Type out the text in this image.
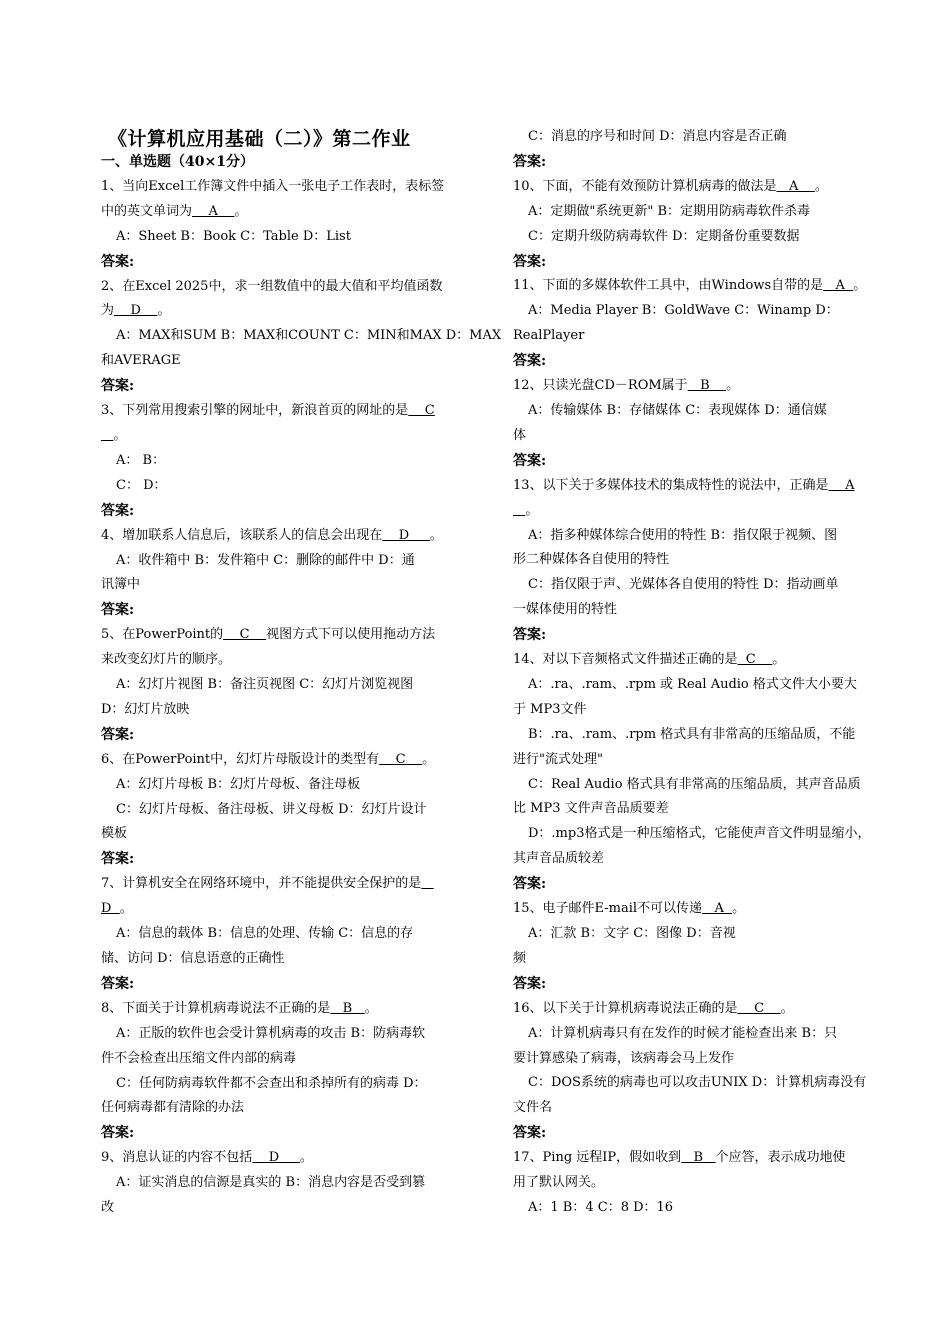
《计算机应用基础（二）》第二作业
一、单选题（40×1分）
1、当向Excel工作簿文件中插入一张电子工作表时，表标签
中的英文单词为    A    。
A：Sheet B：Book C：Table D：List
答案:
2、在Excel 2025中，求一组数值中的最大值和平均值函数
为    D    。
A：MAX和SUM B：MAX和COUNT C：MIN和MAX D：MAX
和AVERAGE
答案:
3、下列常用搜索引擎的网址中，新浪首页的网址的是    C
。
A： B：
C： D：
答案:
4、增加联系人信息后，该联系人的信息会出现在    D     。
A：收件箱中 B：发件箱中 C：删除的邮件中 D：通
讯簿中
答案:
5、在PowerPoint的    C    视图方式下可以使用拖动方法
来改变幻灯片的顺序。
A：幻灯片视图 B：备注页视图 C：幻灯片浏览视图
D：幻灯片放映
答案:
6、在PowerPoint中，幻灯片母版设计的类型有    C    。
A：幻灯片母板 B：幻灯片母板、备注母板
C：幻灯片母板、备注母板、讲义母板 D：幻灯片设计
模板
答案:
7、计算机安全在网络环境中，并不能提供安全保护的是
D  。
A：信息的载体 B：信息的处理、传输 C：信息的存
储、访问 D：信息语意的正确性
答案:
8、下面关于计算机病毒说法不正确的是   B   。
A：正版的软件也会受计算机病毒的攻击 B：防病毒软
件不会检查出压缩文件内部的病毒
C：任何防病毒软件都不会查出和杀掉所有的病毒 D：
任何病毒都有清除的办法
答案:
9、消息认证的内容不包括    D     。
A：证实消息的信源是真实的 B：消息内容是否受到篡
改
C：消息的序号和时间 D：消息内容是否正确
答案:
10、下面，不能有效预防计算机病毒的做法是   A    。
A：定期做"系统更新" B：定期用防病毒软件杀毒
C：定期升级防病毒软件 D：定期备份重要数据
答案:
11、下面的多媒体软件工具中，由Windows自带的是   A  。
A：Media Player B：GoldWave C：Winamp D：
RealPlayer
答案:
12、只读光盘CD－ROM属于   B    。
A：传输媒体 B：存储媒体 C：表现媒体 D：通信媒
体
答案:
13、以下关于多媒体技术的集成特性的说法中，正确是    A
。
A：指多种媒体综合使用的特性 B：指仅限于视频、图
形二种媒体各自使用的特性
C：指仅限于声、光媒体各自使用的特性 D：指动画单
一媒体使用的特性
答案:
14、对以下音频格式文件描述正确的是  C    。
A：.ra、.ram、.rpm 或 Real Audio 格式文件大小要大
于 MP3文件
B：.ra、.ram、.rpm 格式具有非常高的压缩品质，不能
进行"流式处理"
C：Real Audio 格式具有非常高的压缩品质，其声音品质
比 MP3 文件声音品质要差
D：.mp3格式是一种压缩格式，它能使声音文件明显缩小，
其声音品质较差
答案:
15、电子邮件E-mail不可以传递   A  。
A：汇款 B：文字 C：图像 D：音视
频
答案:
16、以下关于计算机病毒说法正确的是    C    。
A：计算机病毒只有在发作的时候才能检查出来 B：只
要计算感染了病毒，该病毒会马上发作
C：DOS系统的病毒也可以攻击UNIX D：计算机病毒没有
文件名
答案:
17、Ping 远程IP，假如收到   B   个应答，表示成功地使
用了默认网关。
A：1 B：4 C：8 D：16
